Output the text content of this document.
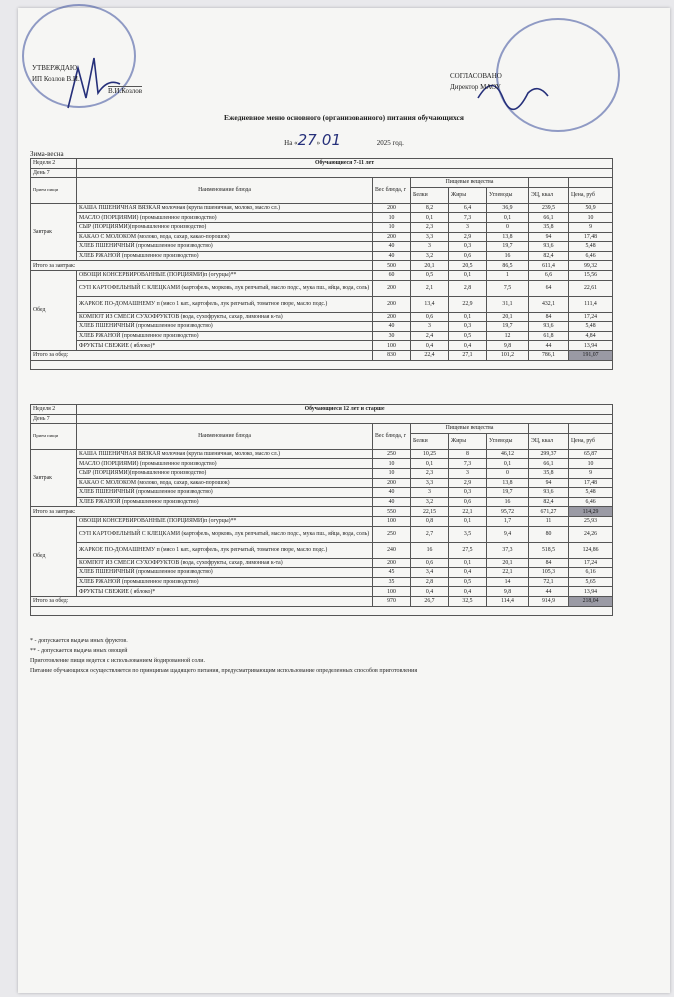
УТВЕРЖДАЮ
ИП Козлов В.И.
В.И.Козлов
СОГЛАСОВАНО
Директор МАОУ
Ежедневное меню основного (организованного) питания обучающихся
На «27» 01	2025 год.
Зима-весна
Неделя 2	Обучающиеся 7-11 лет						
День 7							
Прием пищи	Наименование блюда	Вес блюда, г	Пищевые вещества				
			Белки	Жиры	Углеводы	ЭЦ, ккал	Цена, руб
Завтрак	КАША ПШЕНИЧНАЯ ВЯЗКАЯ молочная (крупа пшеничная, молоко, масло сл.)	200	8,2	6,4	36,9	239,5	50,9
	МАСЛО (ПОРЦИЯМИ) (промышленное производство)	10	0,1	7,3	0,1	66,1	10
	СЫР (ПОРЦИЯМИ)(промышленное производство)	10	2,3	3	0	35,8	9
	КАКАО С МОЛОКОМ (молоко, вода, сахар, какао-порошок)	200	3,3	2,9	13,8	94	17,48
	ХЛЕБ ПШЕНИЧНЫЙ (промышленное производство)	40	3	0,3	19,7	93,6	5,48
	ХЛЕБ РЖАНОЙ (промышленное производство)	40	3,2	0,6	16	82,4	6,46
Итого за завтрак:		500	20,1	20,5	86,5	611,4	99,32
Обед	ОВОЩИ КОНСЕРВИРОВАННЫЕ (ПОРЦИЯМИ)п (огурцы)**	60	0,5	0,1	1	6,6	15,56
	СУП КАРТОФЕЛЬНЫЙ С КЛЕЦКАМИ (картофель, морковь, лук репчатый, масло подс., мука пш., яйца, вода, соль)	200	2,1	2,8	7,5	64	22,61
	ЖАРКОЕ ПО-ДОМАШНЕМУ п (мясо 1 кат., картофель, лук репчатый, томатное пюре, масло подс.)	200	13,4	22,9	31,1	432,1	111,4
	КОМПОТ ИЗ СМЕСИ СУХОФРУКТОВ (вода, сухофрукты, сахар, лимонная к-та)	200	0,6	0,1	20,1	84	17,24
	ХЛЕБ ПШЕНИЧНЫЙ (промышленное производство)	40	3	0,3	19,7	93,6	5,48
	ХЛЕБ РЖАНОЙ (промышленное производство)	30	2,4	0,5	12	61,8	4,84
	ФРУКТЫ СВЕЖИЕ ( яблоко)*	100	0,4	0,4	9,8	44	13,94
Итого за обед:		830	22,4	27,1	101,2	786,1	191,07

Неделя 2	Обучающиеся 12 лет и старше						
День 7							
Прием пищи	Наименование блюда	Вес блюда, г	Пищевые вещества				
			Белки	Жиры	Углеводы	ЭЦ, ккал	Цена, руб
Завтрак	КАША ПШЕНИЧНАЯ ВЯЗКАЯ молочная (крупа пшеничная, молоко, масло сл.)	250	10,25	8	46,12	299,37	65,87
	МАСЛО (ПОРЦИЯМИ) (промышленное производство)	10	0,1	7,3	0,1	66,1	10
	СЫР (ПОРЦИЯМИ)(промышленное производство)	10	2,3	3	0	35,8	9
	КАКАО С МОЛОКОМ (молоко, вода, сахар, какао-порошок)	200	3,3	2,9	13,8	94	17,48
	ХЛЕБ ПШЕНИЧНЫЙ (промышленное производство)	40	3	0,3	19,7	93,6	5,48
	ХЛЕБ РЖАНОЙ (промышленное производство)	40	3,2	0,6	16	82,4	6,46
Итого за завтрак:		550	22,15	22,1	95,72	671,27	114,29
Обед	ОВОЩИ КОНСЕРВИРОВАННЫЕ (ПОРЦИЯМИ)п (огурцы)**	100	0,8	0,1	1,7	11	25,93
	СУП КАРТОФЕЛЬНЫЙ С КЛЕЦКАМИ (картофель, морковь, лук репчатый, масло подс., мука пш., яйца, вода, соль)	250	2,7	3,5	9,4	80	24,26
	ЖАРКОЕ ПО-ДОМАШНЕМУ п (мясо 1 кат., картофель, лук репчатый, томатное пюре, масло подс.)	240	16	27,5	37,3	518,5	124,86
	КОМПОТ ИЗ СМЕСИ СУХОФРУКТОВ (вода, сухофрукты, сахар, лимонная к-та)	200	0,6	0,1	20,1	84	17,24
	ХЛЕБ ПШЕНИЧНЫЙ (промышленное производство)	45	3,4	0,4	22,1	105,3	6,16
	ХЛЕБ РЖАНОЙ (промышленное производство)	35	2,8	0,5	14	72,1	5,65
	ФРУКТЫ СВЕЖИЕ ( яблоко)*	100	0,4	0,4	9,8	44	13,94
Итого за обед:		970	26,7	32,5	114,4	914,9	218,04

* - допускается выдача иных фруктов.
** - допускается выдача иных овощей
Приготовление пищи ведется с использованием йодированной соли.
Питание обучающихся осуществляется по принципам щадящего питания, предусматривающим использование определенных способов приготовления
